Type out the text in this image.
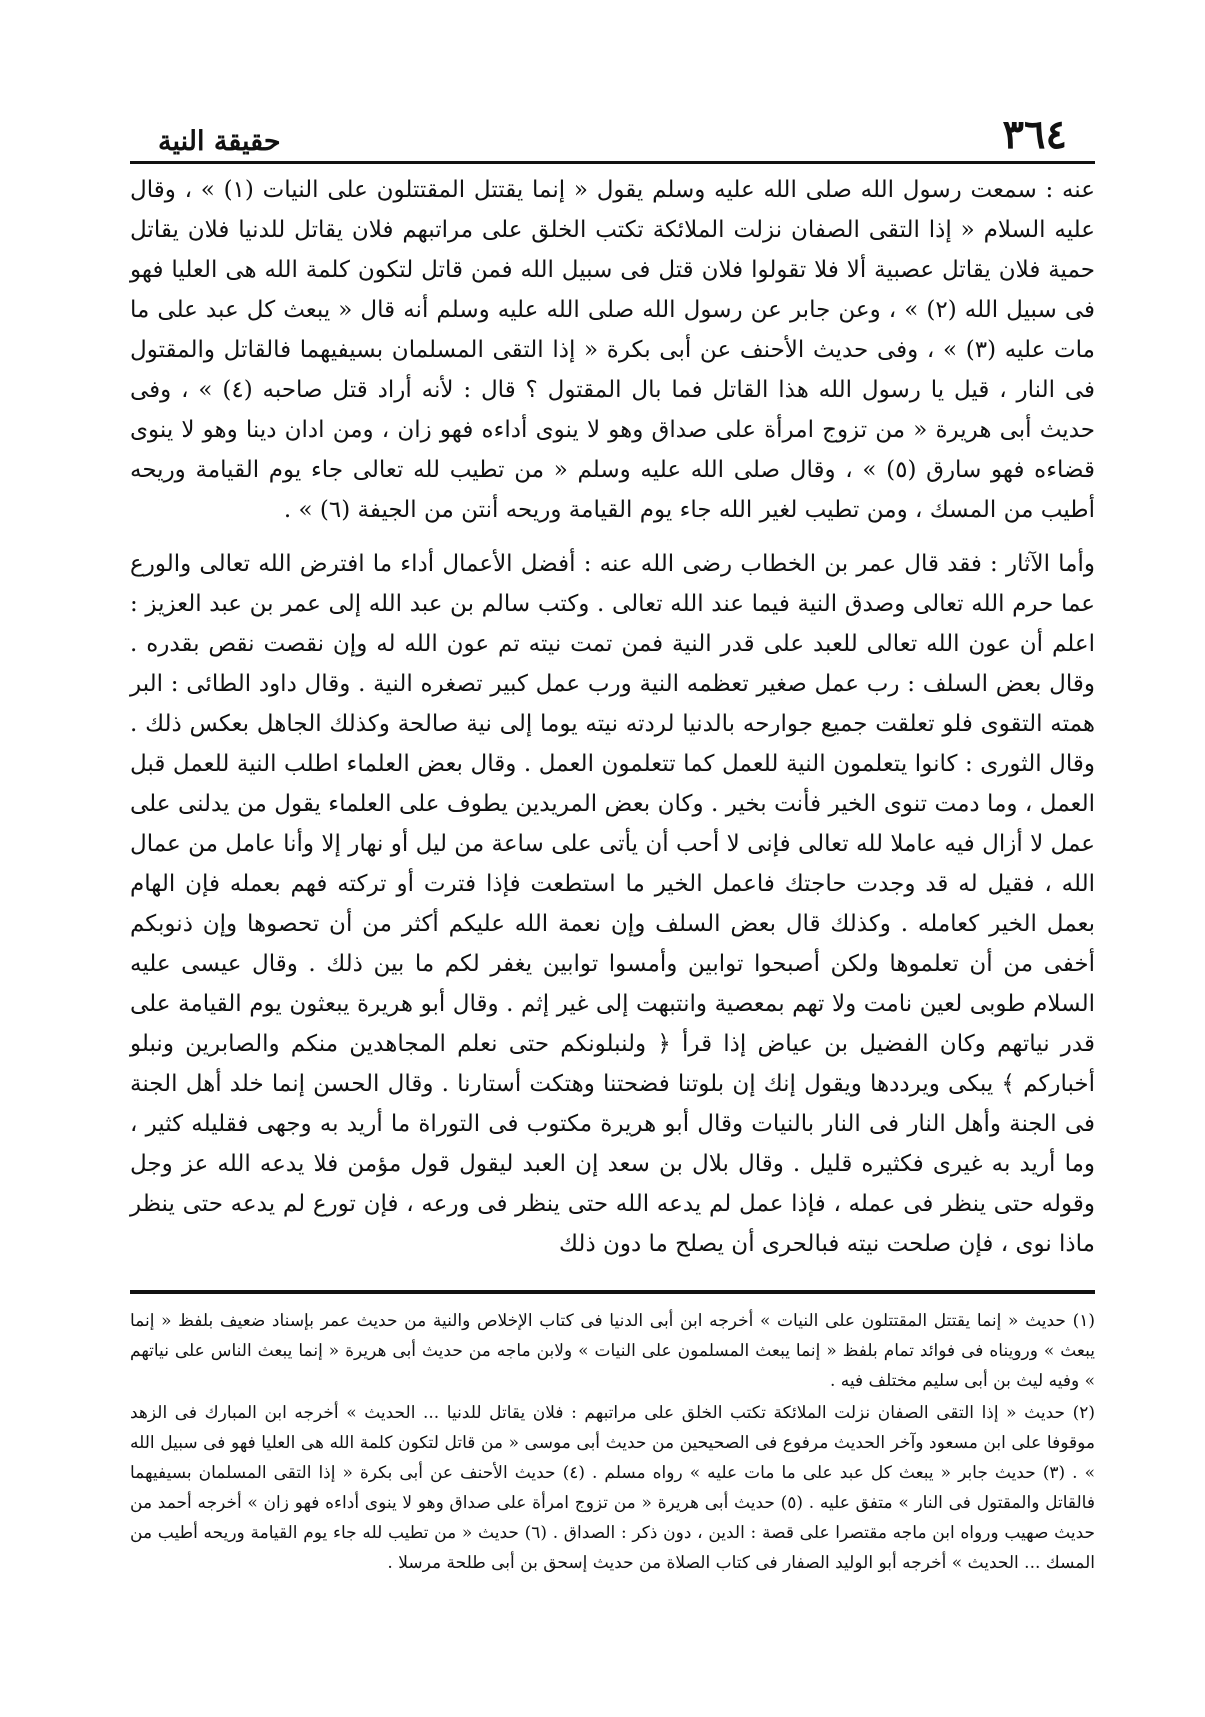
٣٦٤
حقيقة النية

عنه : سمعت رسول الله صلى الله عليه وسلم يقول « إنما يقتتل المقتتلون على النيات (١) » ، وقال عليه السلام « إذا التقى الصفان نزلت الملائكة تكتب الخلق على مراتبهم فلان يقاتل للدنيا فلان يقاتل حمية فلان يقاتل عصبية ألا فلا تقولوا فلان قتل فى سبيل الله فمن قاتل لتكون كلمة الله هى العليا فهو فى سبيل الله (٢) » ، وعن جابر عن رسول الله صلى الله عليه وسلم أنه قال « يبعث كل عبد على ما مات عليه (٣) » ، وفى حديث الأحنف عن أبى بكرة « إذا التقى المسلمان بسيفيهما فالقاتل والمقتول فى النار ، قيل يا رسول الله هذا القاتل فما بال المقتول ؟ قال : لأنه أراد قتل صاحبه (٤) » ، وفى حديث أبى هريرة « من تزوج امرأة على صداق وهو لا ينوى أداءه فهو زان ، ومن ادان دينا وهو لا ينوى قضاءه فهو سارق (٥) » ، وقال صلى الله عليه وسلم « من تطيب لله تعالى جاء يوم القيامة وريحه أطيب من المسك ، ومن تطيب لغير الله جاء يوم القيامة وريحه أنتن من الجيفة (٦) » .

وأما الآثار : فقد قال عمر بن الخطاب رضى الله عنه : أفضل الأعمال أداء ما افترض الله تعالى والورع عما حرم الله تعالى وصدق النية فيما عند الله تعالى . وكتب سالم بن عبد الله إلى عمر بن عبد العزيز : اعلم أن عون الله تعالى للعبد على قدر النية فمن تمت نيته تم عون الله له وإن نقصت نقص بقدره . وقال بعض السلف : رب عمل صغير تعظمه النية ورب عمل كبير تصغره النية . وقال داود الطائى : البر همته التقوى فلو تعلقت جميع جوارحه بالدنيا لردته نيته يوما إلى نية صالحة وكذلك الجاهل بعكس ذلك . وقال الثورى : كانوا يتعلمون النية للعمل كما تتعلمون العمل . وقال بعض العلماء اطلب النية للعمل قبل العمل ، وما دمت تنوى الخير فأنت بخير . وكان بعض المريدين يطوف على العلماء يقول من يدلنى على عمل لا أزال فيه عاملا لله تعالى فإنى لا أحب أن يأتى على ساعة من ليل أو نهار إلا وأنا عامل من عمال الله ، فقيل له قد وجدت حاجتك فاعمل الخير ما استطعت فإذا فترت أو تركته فهم بعمله فإن الهام بعمل الخير كعامله . وكذلك قال بعض السلف وإن نعمة الله عليكم أكثر من أن تحصوها وإن ذنوبكم أخفى من أن تعلموها ولكن أصبحوا توابين وأمسوا توابين يغفر لكم ما بين ذلك . وقال عيسى عليه السلام طوبى لعين نامت ولا تهم بمعصية وانتبهت إلى غير إثم . وقال أبو هريرة يبعثون يوم القيامة على قدر نياتهم وكان الفضيل بن عياض إذا قرأ ﴿ ولنبلونكم حتى نعلم المجاهدين منكم والصابرين ونبلو أخباركم ﴾ يبكى ويرددها ويقول إنك إن بلوتنا فضحتنا وهتكت أستارنا . وقال الحسن إنما خلد أهل الجنة فى الجنة وأهل النار فى النار بالنيات وقال أبو هريرة مكتوب فى التوراة ما أريد به وجهى فقليله كثير ، وما أريد به غيرى فكثيره قليل . وقال بلال بن سعد إن العبد ليقول قول مؤمن فلا يدعه الله عز وجل وقوله حتى ينظر فى عمله ، فإذا عمل لم يدعه الله حتى ينظر فى ورعه ، فإن تورع لم يدعه حتى ينظر ماذا نوى ، فإن صلحت نيته فبالحرى أن يصلح ما دون ذلك

(١) حديث « إنما يقتتل المقتتلون على النيات » أخرجه ابن أبى الدنيا فى كتاب الإخلاص والنية من حديث عمر بإسناد ضعيف بلفظ « إنما يبعث » ورويناه فى فوائد تمام بلفظ « إنما يبعث المسلمون على النيات » ولابن ماجه من حديث أبى هريرة « إنما يبعث الناس على نياتهم » وفيه ليث بن أبى سليم مختلف فيه .

(٢) حديث « إذا التقى الصفان نزلت الملائكة تكتب الخلق على مراتبهم : فلان يقاتل للدنيا ... الحديث » أخرجه ابن المبارك فى الزهد موقوفا على ابن مسعود وآخر الحديث مرفوع فى الصحيحين من حديث أبى موسى « من قاتل لتكون كلمة الله هى العليا فهو فى سبيل الله » . (٣) حديث جابر « يبعث كل عبد على ما مات عليه » رواه مسلم . (٤) حديث الأحنف عن أبى بكرة « إذا التقى المسلمان بسيفيهما فالقاتل والمقتول فى النار » متفق عليه . (٥) حديث أبى هريرة « من تزوج امرأة على صداق وهو لا ينوى أداءه فهو زان » أخرجه أحمد من حديث صهيب ورواه ابن ماجه مقتصرا على قصة : الدين ، دون ذكر : الصداق . (٦) حديث « من تطيب لله جاء يوم القيامة وريحه أطيب من المسك ... الحديث » أخرجه أبو الوليد الصفار فى كتاب الصلاة من حديث إسحق بن أبى طلحة مرسلا .
